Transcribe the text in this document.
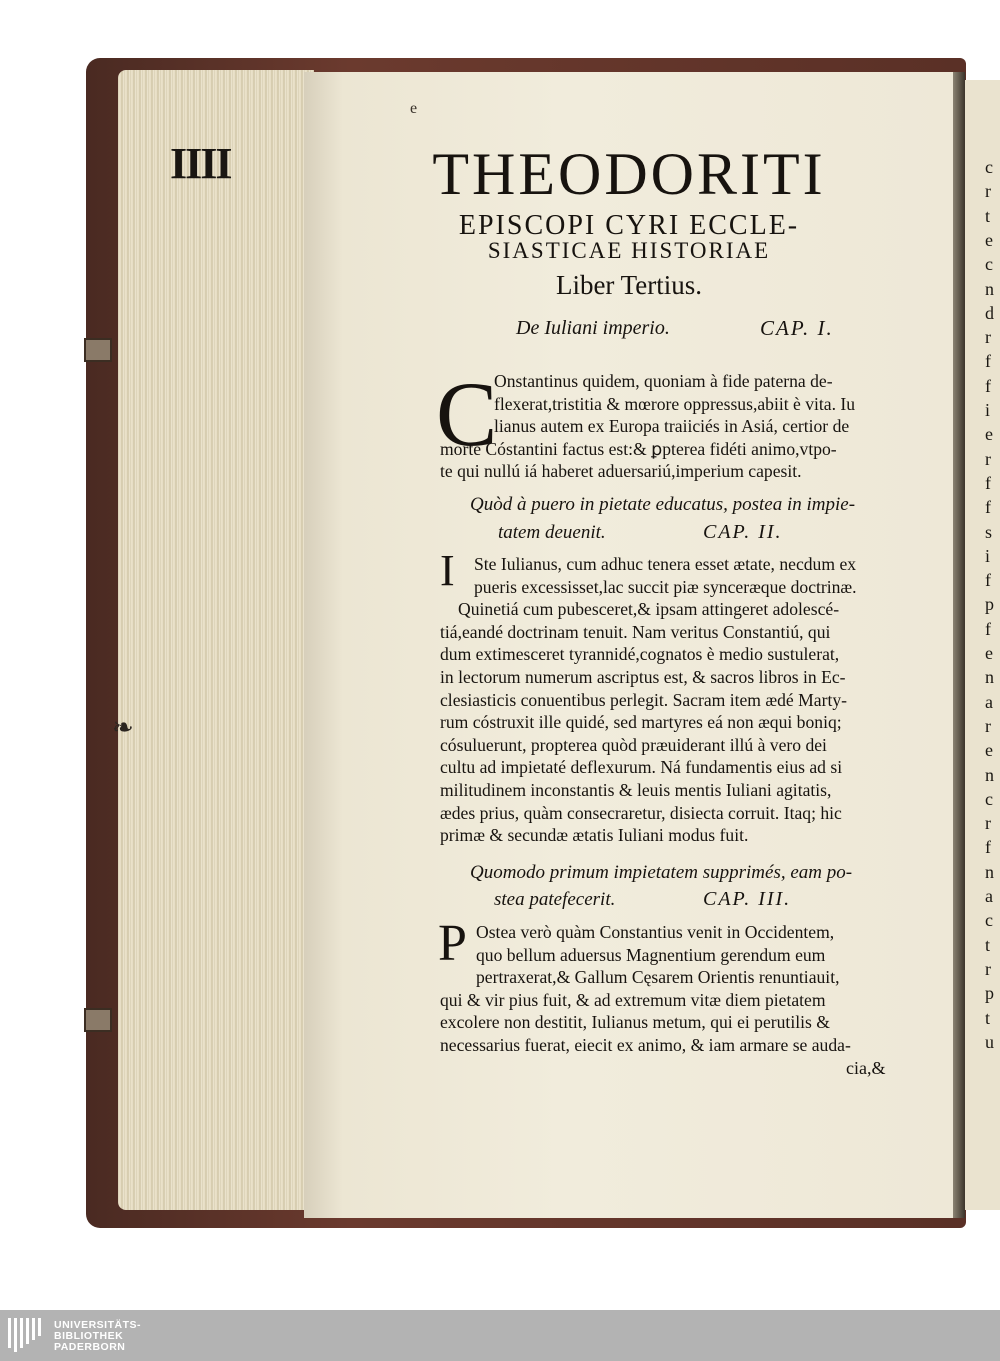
IIII
❧
c
r
t
e
c
n
d
r
f
f
i
e
r
f
f
s
i
f
p
f
e
n
a
r
e
n
c
r
f
n
a
c
t
r
p
t
u
e
THEODORITI
EPISCOPI CYRI ECCLE-
SIASTICAE HISTORIAE
Liber Tertius.
De Iuliani imperio.	CAP. I.
C
Onstantinus quidem, quoniam à fide paterna de-
flexerat,tristitia & mœrore oppressus,abiit è vita. Iu
lianus autem ex Europa traiiciés in Asiá, certior de
morte Cóstantini factus est:& ꝑpterea fidéti animo,vtpo-
te qui nullú iá haberet aduersariú,imperium capesit.
Quòd à puero in pietate educatus, postea in impie-
tatem deuenit.	CAP. II.
I Ste Iulianus, cum adhuc tenera esset ætate, necdum ex
pueris excessisset,lac succit piæ synceræque doctrinæ.
Quinetiá cum pubesceret,& ipsam attingeret adolescé-
tiá,eandé doctrinam tenuit. Nam veritus Constantiú, qui
dum extimesceret tyrannidé,cognatos è medio sustulerat,
in lectorum numerum ascriptus est, & sacros libros in Ec-
clesiasticis conuentibus perlegit. Sacram item ædé Marty-
rum cóstruxit ille quidé, sed martyres eá non æqui boniq;
cósuluerunt, propterea quòd præuiderant illú à vero dei
cultu ad impietaté deflexurum. Ná fundamentis eius ad si
militudinem inconstantis & leuis mentis Iuliani agitatis,
ædes prius, quàm consecraretur, disiecta corruit. Itaq; hic
primæ & secundæ ætatis Iuliani modus fuit.
Quomodo primum impietatem supprimés, eam po-
stea patefecerit.	CAP. III.
P Ostea verò quàm Constantius venit in Occidentem,
quo bellum aduersus Magnentium gerendum eum
pertraxerat,& Gallum Cęsarem Orientis renuntiauit,
qui & vir pius fuit, & ad extremum vitæ diem pietatem
excolere non destitit, Iulianus metum, qui ei perutilis &
necessarius fuerat, eiecit ex animo, & iam armare se auda-
cia,&
UNIVERSITÄTS-
BIBLIOTHEK
PADERBORN
